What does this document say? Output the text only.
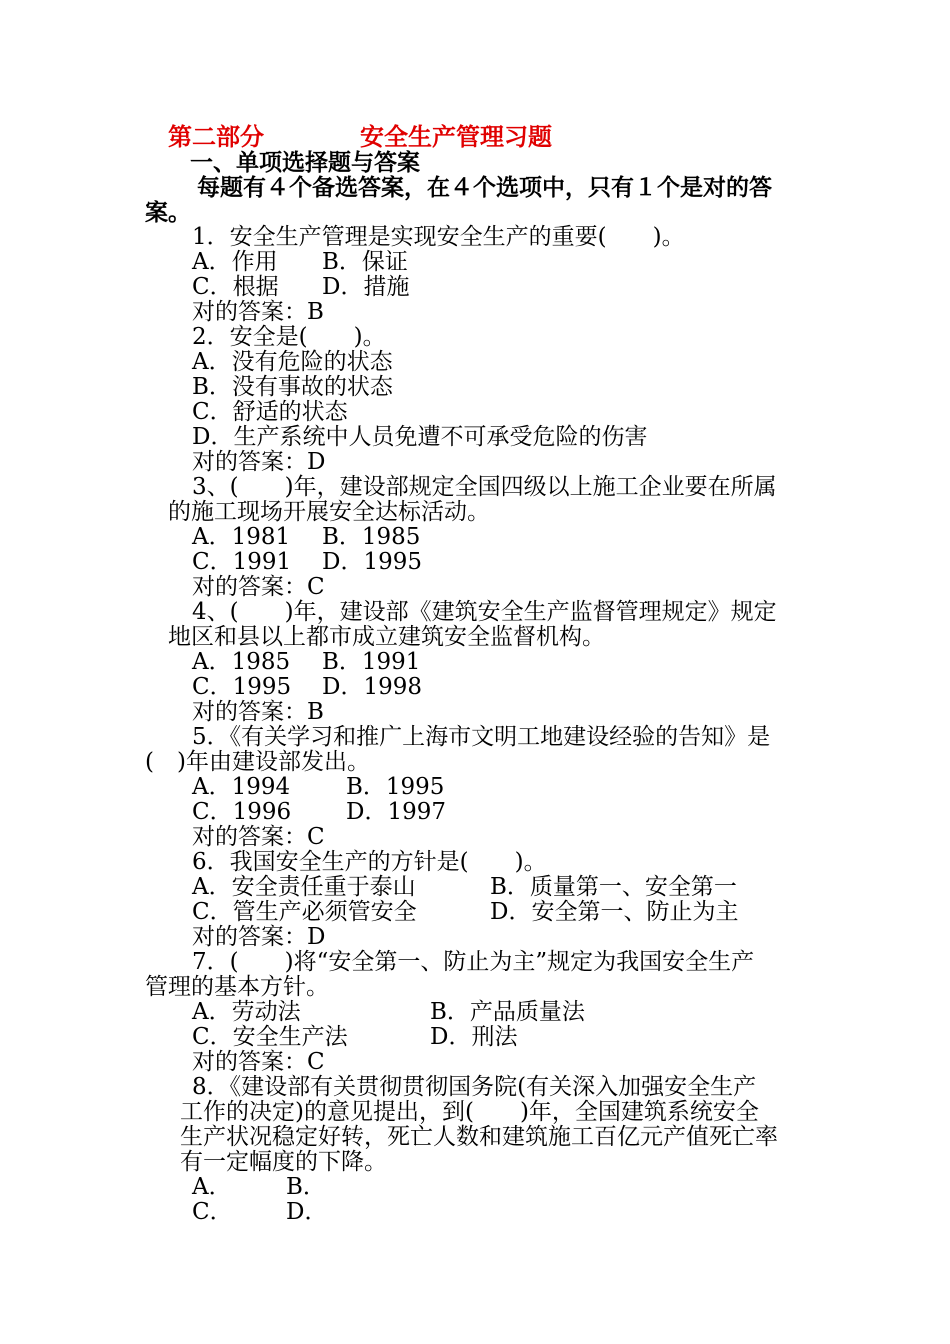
第二部分	安全生产管理习题
一、单项选择题与答案
每题有４个备选答案，在４个选项中，只有１个是对的答
案。
1．安全生产管理是实现安全生产的重要(　　)。
A．作用 B．保证
C．根据 D．措施
对的答案：B
2．安全是(　　)。
A．没有危险的状态
B．没有事故的状态
C．舒适的状态
D．生产系统中人员免遭不可承受危险的伤害
对的答案：D
3、(　　)年，建设部规定全国四级以上施工企业要在所属
的施工现场开展安全达标活动。
A．1981 B．1985
C．1991 D．1995
对的答案：C
4、(　　)年，建设部《建筑安全生产监督管理规定》规定
地区和县以上都市成立建筑安全监督机构。
A．1985 B．1991
C．1995 D．1998
对的答案：B
5．《有关学习和推广上海市文明工地建设经验的告知》是
(　)年由建设部发出。
A．1994 B．1995
C．1996 D．1997
对的答案：C
6．我国安全生产的方针是(　　)。
A．安全责任重于泰山	B．质量第一、安全第一
C．管生产必须管安全	D．安全第一、防止为主
对的答案：D
7．(　　)将“安全第一、防止为主”规定为我国安全生产
管理的基本方针。
A．劳动法	B．产品质量法
C．安全生产法	D．刑法
对的答案：C
8．《建设部有关贯彻贯彻国务院(有关深入加强安全生产
工作的决定)的意见提出，到(　　)年，全国建筑系统安全
生产状况稳定好转，死亡人数和建筑施工百亿元产值死亡率
有一定幅度的下降。
A． B．
C． D．
